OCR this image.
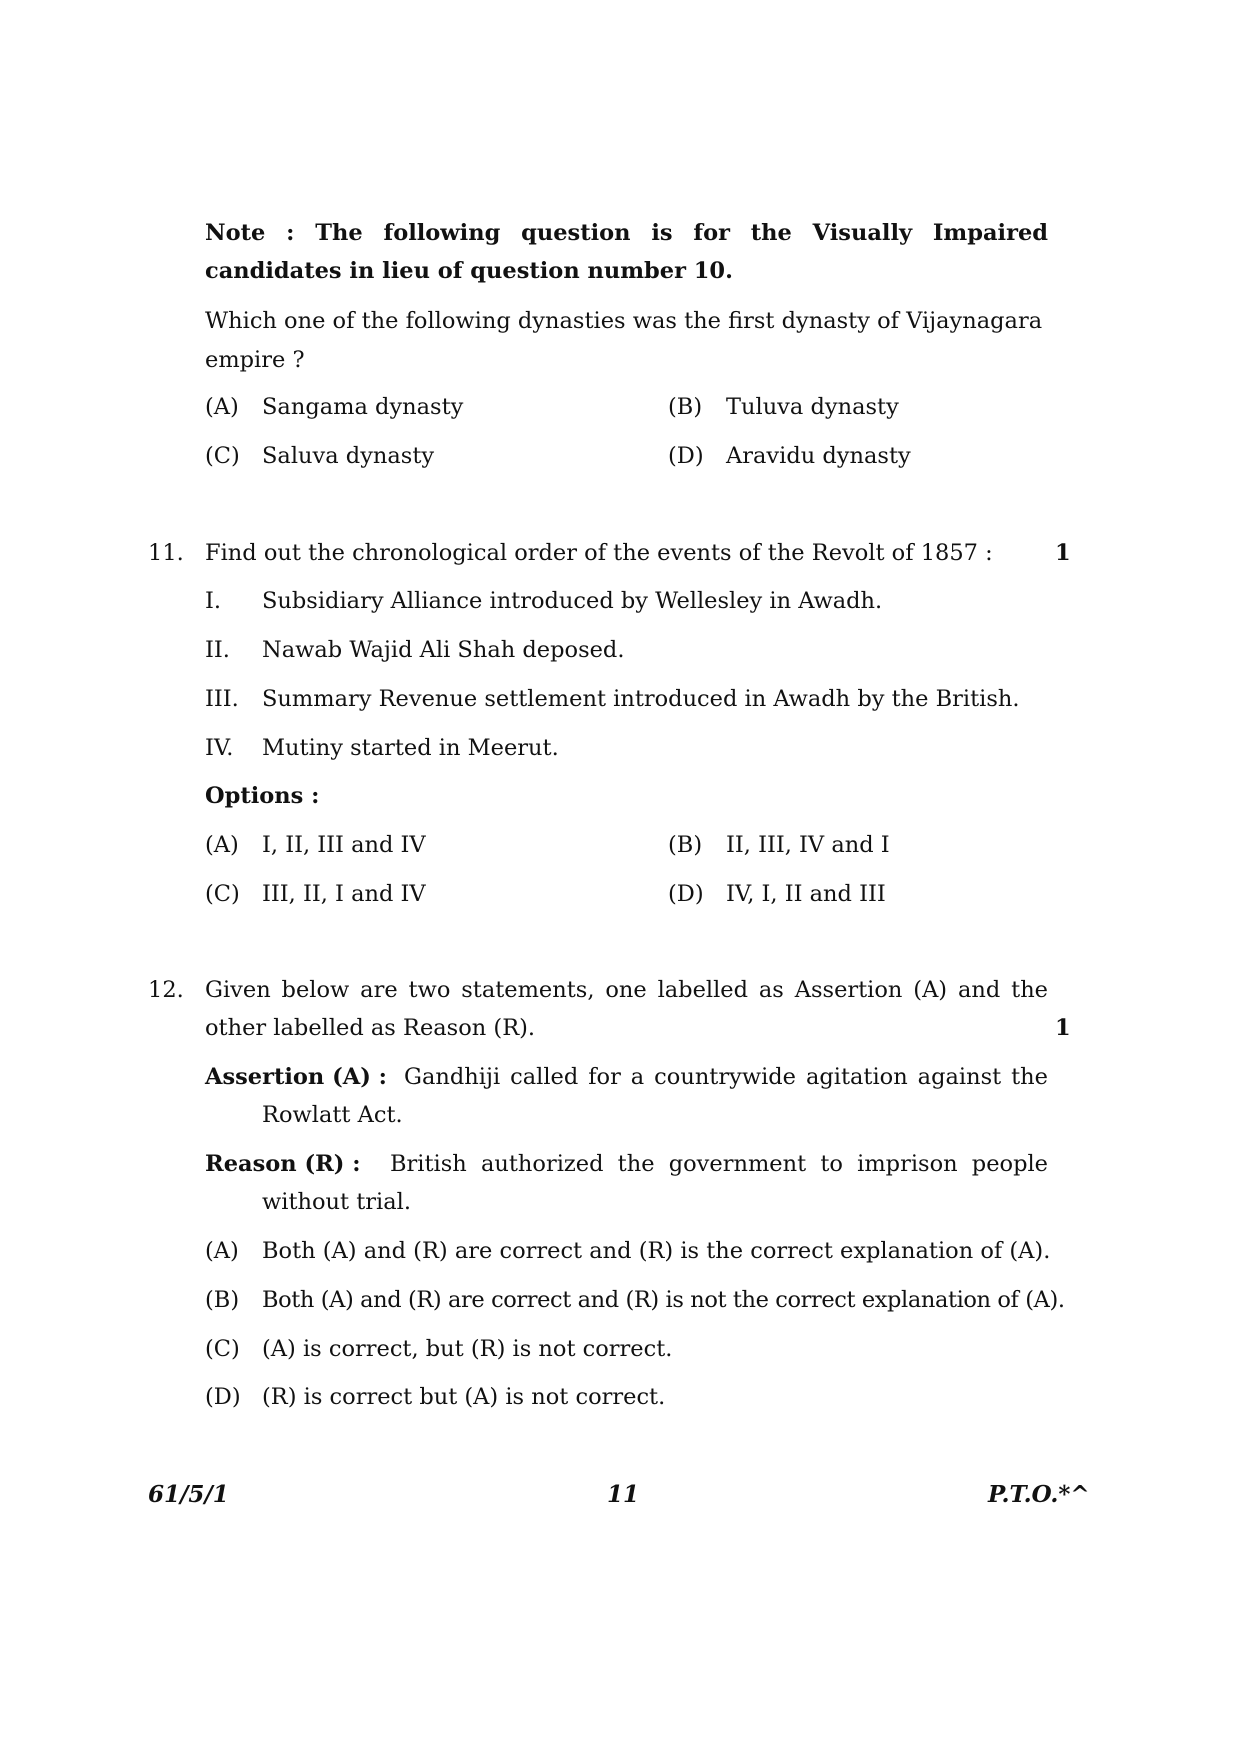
Note : The following question is for the Visually Impaired
candidates in lieu of question number 10.
Which one of the following dynasties was the first dynasty of Vijaynagara
empire ?
(A) Sangama dynasty	(B) Tuluva dynasty
(C) Saluva dynasty	(D) Aravidu dynasty
11. Find out the chronological order of the events of the Revolt of 1857 :	1
I. Subsidiary Alliance introduced by Wellesley in Awadh.
II. Nawab Wajid Ali Shah deposed.
III. Summary Revenue settlement introduced in Awadh by the British.
IV. Mutiny started in Meerut.
Options :
(A) I, II, III and IV	(B) II, III, IV and I
(C) III, II, I and IV	(D) IV, I, II and III
12. Given below are two statements, one labelled as Assertion (A) and the
other labelled as Reason (R).	1
Assertion (A) : Gandhiji called for a countrywide agitation against the
Rowlatt Act.
Reason (R) : British authorized the government to imprison people
without trial.
(A) Both (A) and (R) are correct and (R) is the correct explanation of (A).
(B) Both (A) and (R) are correct and (R) is not the correct explanation of (A).
(C) (A) is correct, but (R) is not correct.
(D) (R) is correct but (A) is not correct.
61/5/1	11	P.T.O.*^
